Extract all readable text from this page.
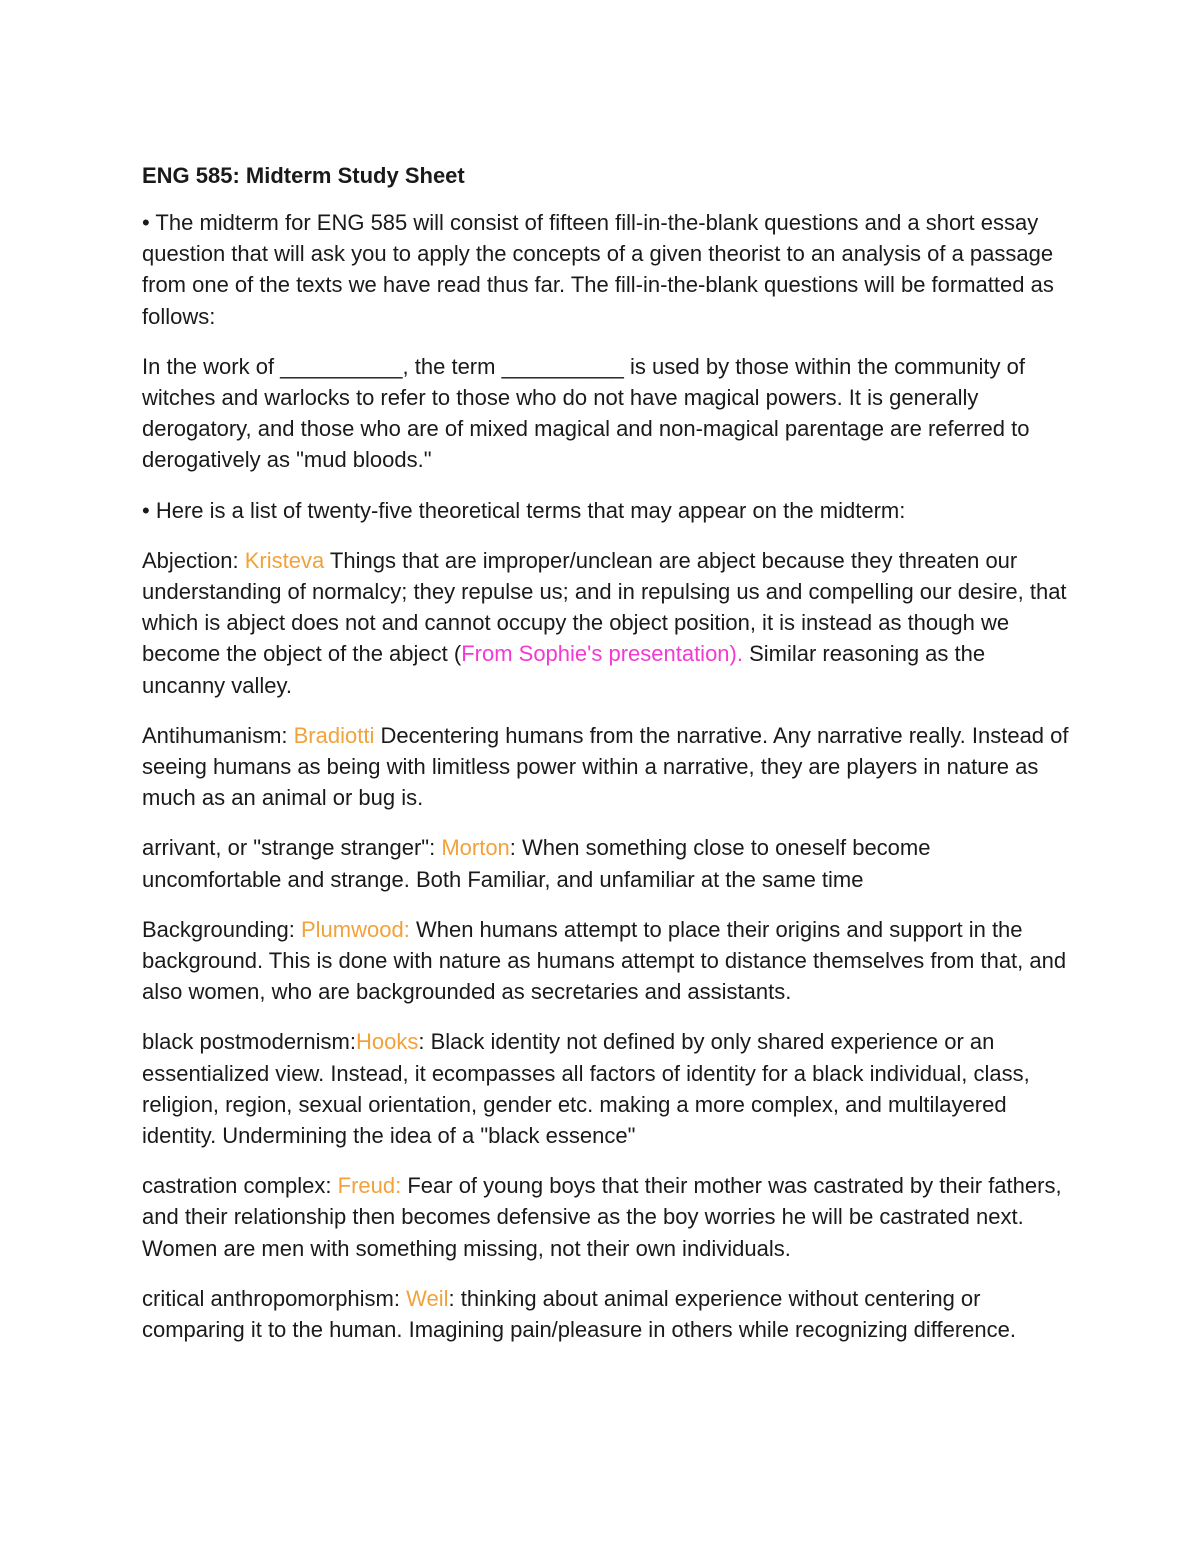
ENG 585: Midterm Study Sheet

• The midterm for ENG 585 will consist of fifteen fill-in-the-blank questions and a short essay question that will ask you to apply the concepts of a given theorist to an analysis of a passage from one of the texts we have read thus far. The fill-in-the-blank questions will be formatted as follows:

In the work of __________, the term __________ is used by those within the community of witches and warlocks to refer to those who do not have magical powers. It is generally derogatory, and those who are of mixed magical and non-magical parentage are referred to derogatively as "mud bloods."

• Here is a list of twenty-five theoretical terms that may appear on the midterm:

Abjection: Kristeva Things that are improper/unclean are abject because they threaten our understanding of normalcy; they repulse us; and in repulsing us and compelling our desire, that which is abject does not and cannot occupy the object position, it is instead as though we become the object of the abject (From Sophie's presentation). Similar reasoning as the uncanny valley.

Antihumanism: Bradiotti Decentering humans from the narrative. Any narrative really. Instead of seeing humans as being with limitless power within a narrative, they are players in nature as much as an animal or bug is.

arrivant, or "strange stranger": Morton: When something close to oneself become uncomfortable and strange. Both Familiar, and unfamiliar at the same time

Backgrounding: Plumwood: When humans attempt to place their origins and support in the background. This is done with nature as humans attempt to distance themselves from that, and also women, who are backgrounded as secretaries and assistants.

black postmodernism:Hooks: Black identity not defined by only shared experience or an essentialized view. Instead, it ecompasses all factors of identity for a black individual, class, religion, region, sexual orientation, gender etc. making a more complex, and multilayered identity. Undermining the idea of a "black essence"

castration complex: Freud: Fear of young boys that their mother was castrated by their fathers, and their relationship then becomes defensive as the boy worries he will be castrated next. Women are men with something missing, not their own individuals.

critical anthropomorphism: Weil: thinking about animal experience without centering or comparing it to the human. Imagining pain/pleasure in others while recognizing difference.
